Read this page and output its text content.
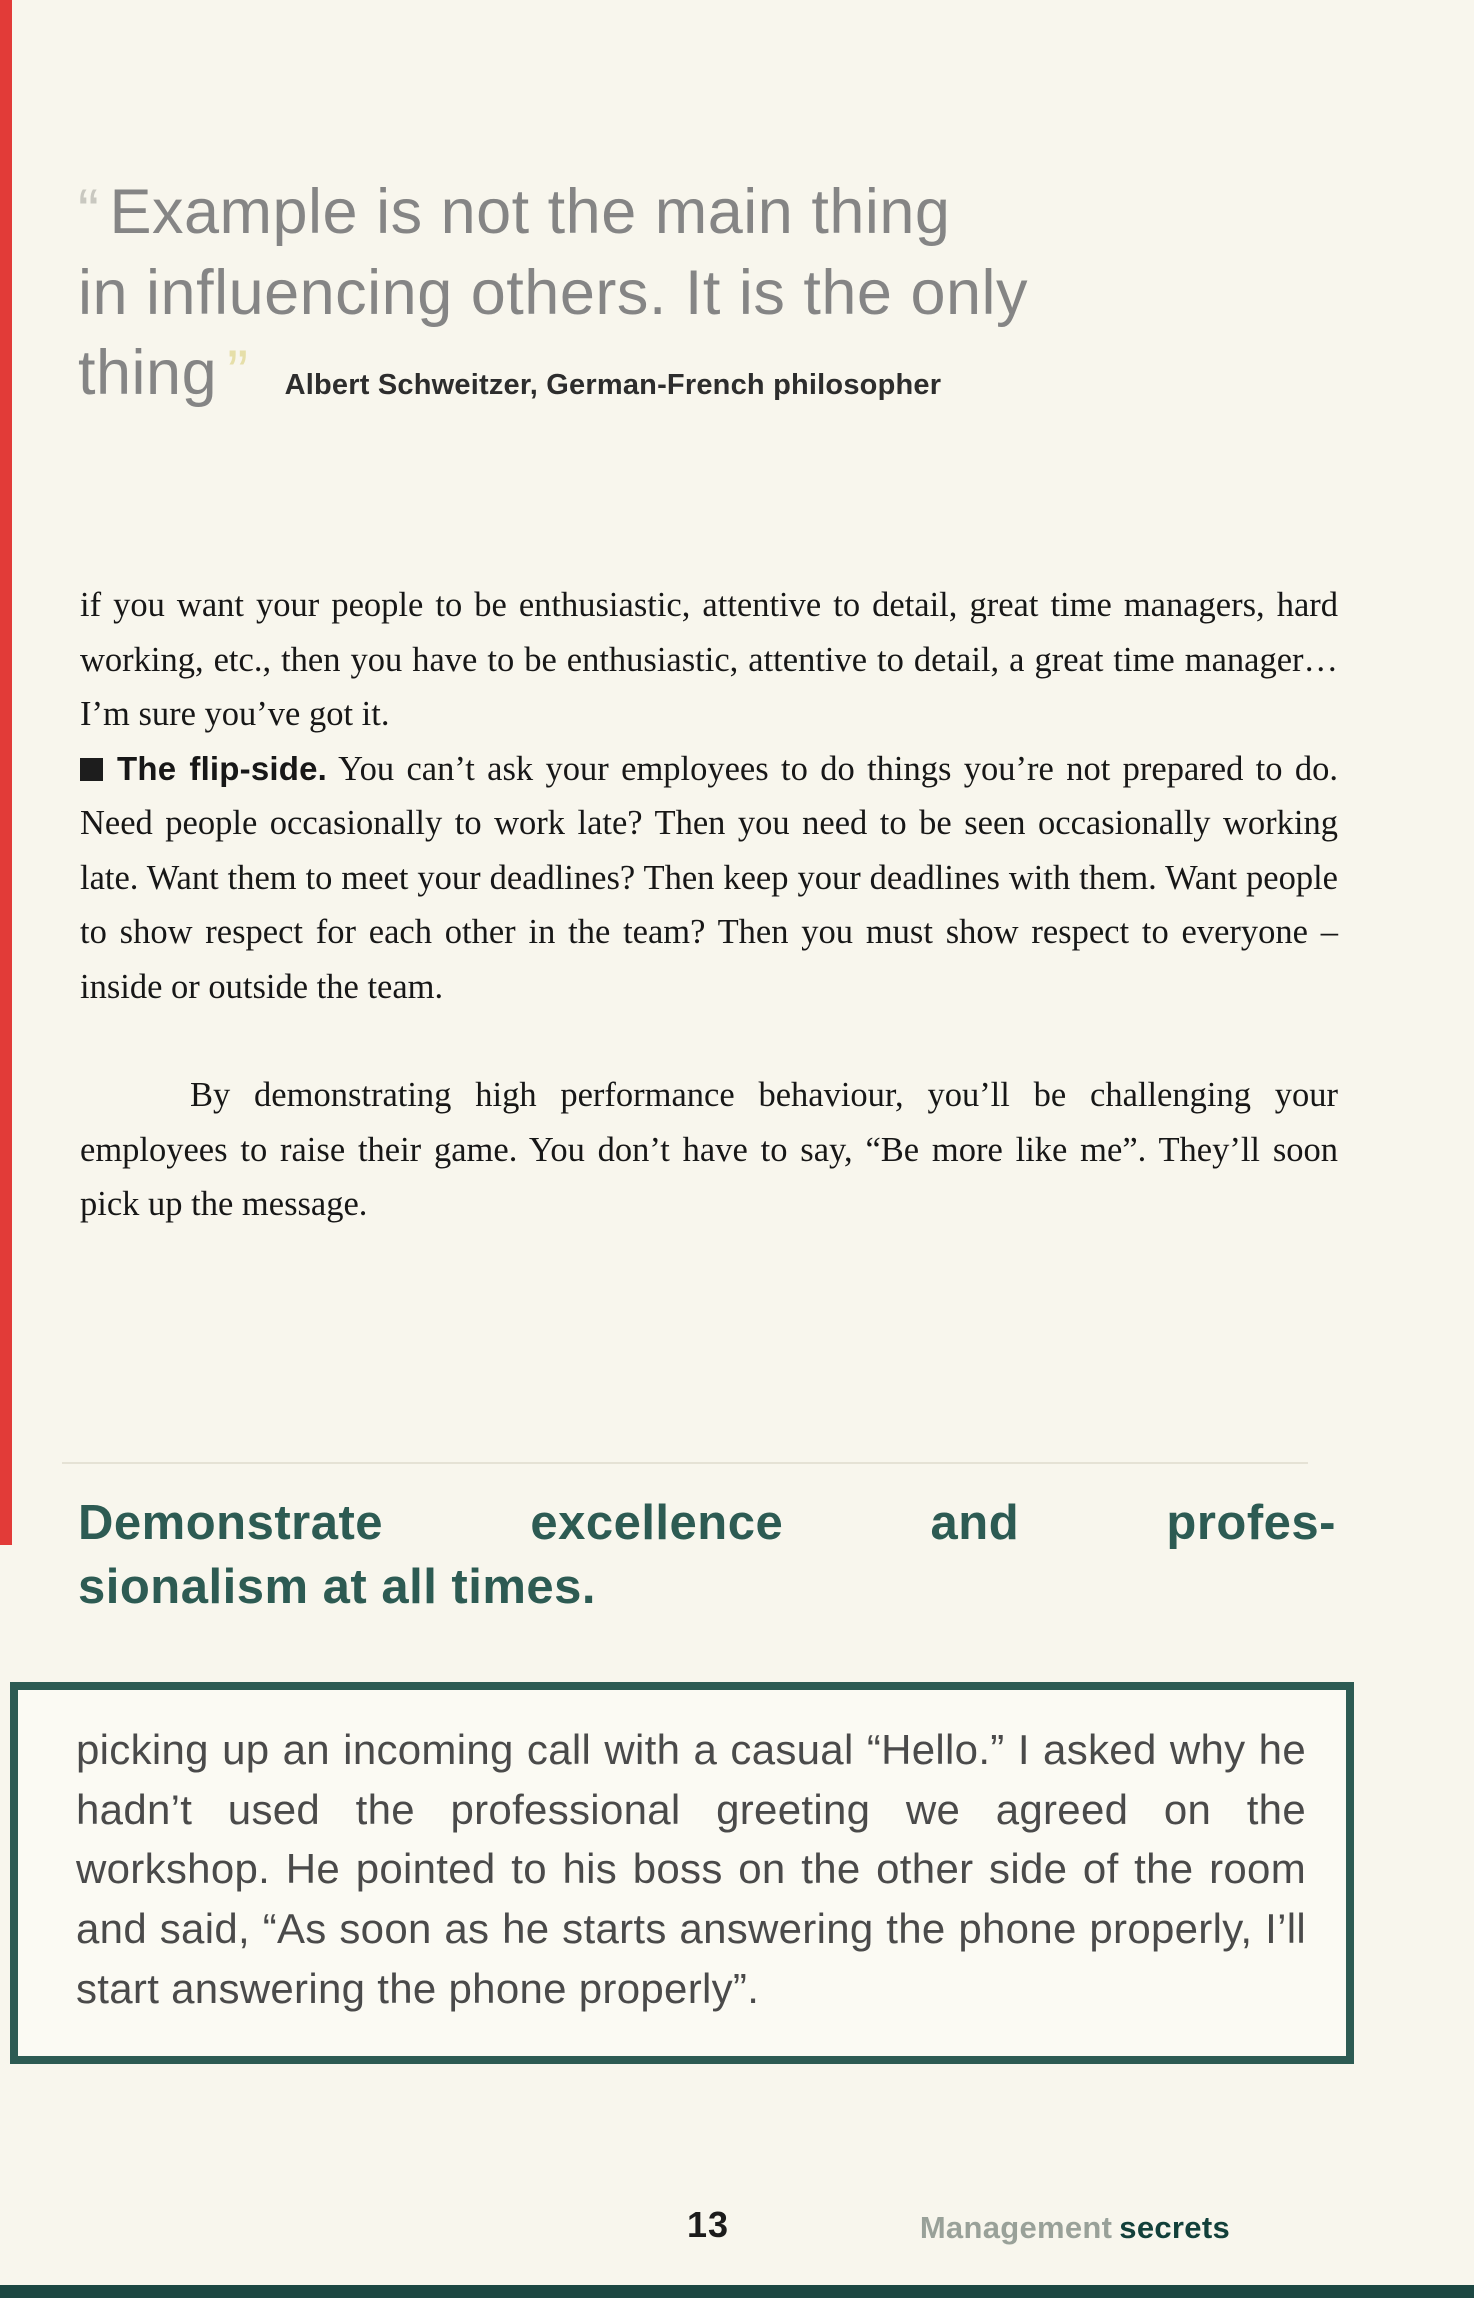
“ Example is not the main thing
in influencing others. It is the only
thing ” Albert Schweitzer, German-French philosopher

if you want your people to be enthusiastic, attentive to detail, great time managers, hard working, etc., then you have to be enthusiastic, attentive to detail, a great time manager… I’m sure you’ve got it.

The flip-side. You can’t ask your employees to do things you’re not prepared to do. Need people occasionally to work late? Then you need to be seen occasionally working late. Want them to meet your deadlines? Then keep your deadlines with them. Want people to show respect for each other in the team? Then you must show respect to everyone – inside or outside the team.

By demonstrating high performance behaviour, you’ll be challenging your employees to raise their game. You don’t have to say, “Be more like me”. They’ll soon pick up the message.

Demonstrate excellence and profes-
sionalism at all times.

picking up an incoming call with a casual “Hello.” I asked why he hadn’t used the professional greeting we agreed on the workshop. He pointed to his boss on the other side of the room and said, “As soon as he starts answering the phone properly, I’ll start answering the phone properly”.

13	Management secrets
